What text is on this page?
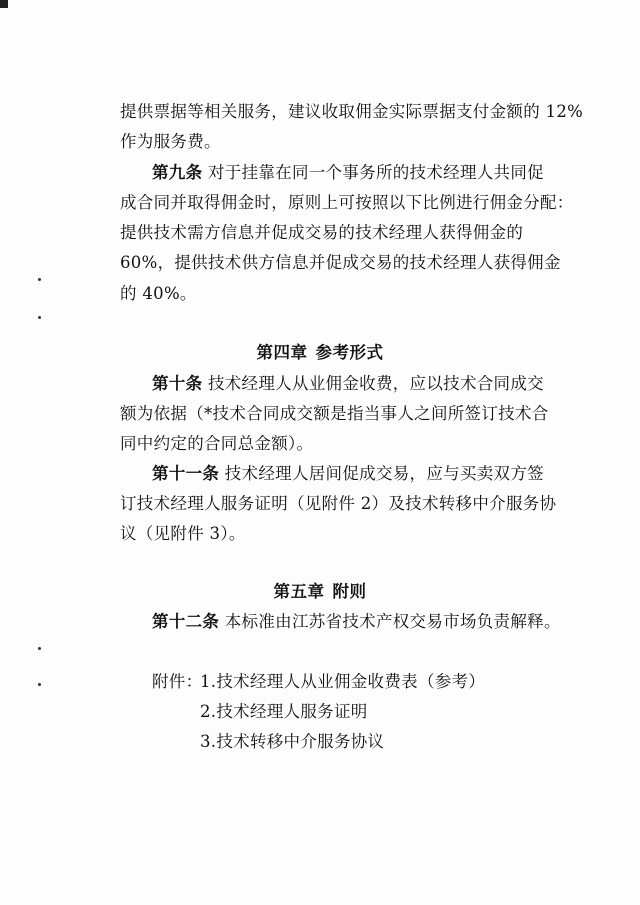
提供票据等相关服务，建议收取佣金实际票据支付金额的 12%
作为服务费。
第九条 对于挂靠在同一个事务所的技术经理人共同促
成合同并取得佣金时，原则上可按照以下比例进行佣金分配：
提供技术需方信息并促成交易的技术经理人获得佣金的
60%，提供技术供方信息并促成交易的技术经理人获得佣金
的 40%。
第四章 参考形式
第十条 技术经理人从业佣金收费，应以技术合同成交
额为依据（*技术合同成交额是指当事人之间所签订技术合
同中约定的合同总金额）。
第十一条 技术经理人居间促成交易，应与买卖双方签
订技术经理人服务证明（见附件 2）及技术转移中介服务协
议（见附件 3）。
第五章 附则
第十二条 本标准由江苏省技术产权交易市场负责解释。
附件：
1.技术经理人从业佣金收费表（参考）
2.技术经理人服务证明
3.技术转移中介服务协议
